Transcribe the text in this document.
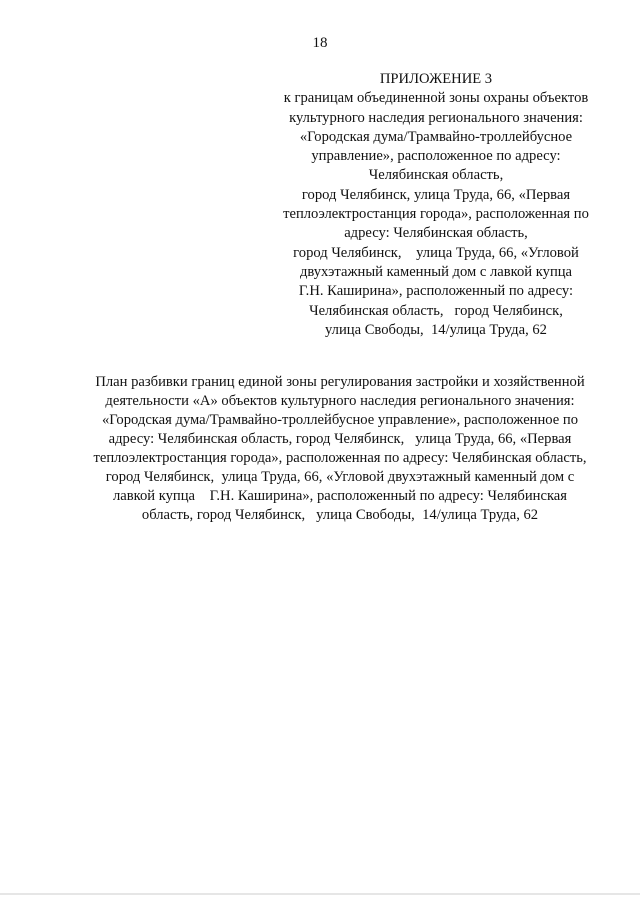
18
ПРИЛОЖЕНИЕ 3
к границам объединенной зоны охраны объектов
культурного наследия регионального значения:
«Городская дума/Трамвайно-троллейбусное
управление», расположенное по адресу:
Челябинская область,
город Челябинск, улица Труда, 66, «Первая
теплоэлектростанция города», расположенная по
адресу: Челябинская область,
город Челябинск,    улица Труда, 66, «Угловой
двухэтажный каменный дом с лавкой купца
Г.Н. Каширина», расположенный по адресу:
Челябинская область,   город Челябинск,
улица Свободы,  14/улица Труда, 62
План разбивки границ единой зоны регулирования застройки и хозяйственной
деятельности «А» объектов культурного наследия регионального значения:
«Городская дума/Трамвайно-троллейбусное управление», расположенное по
адресу: Челябинская область, город Челябинск,   улица Труда, 66, «Первая
теплоэлектростанция города», расположенная по адресу: Челябинская область,
город Челябинск,  улица Труда, 66, «Угловой двухэтажный каменный дом с
лавкой купца    Г.Н. Каширина», расположенный по адресу: Челябинская
область, город Челябинск,   улица Свободы,  14/улица Труда, 62
